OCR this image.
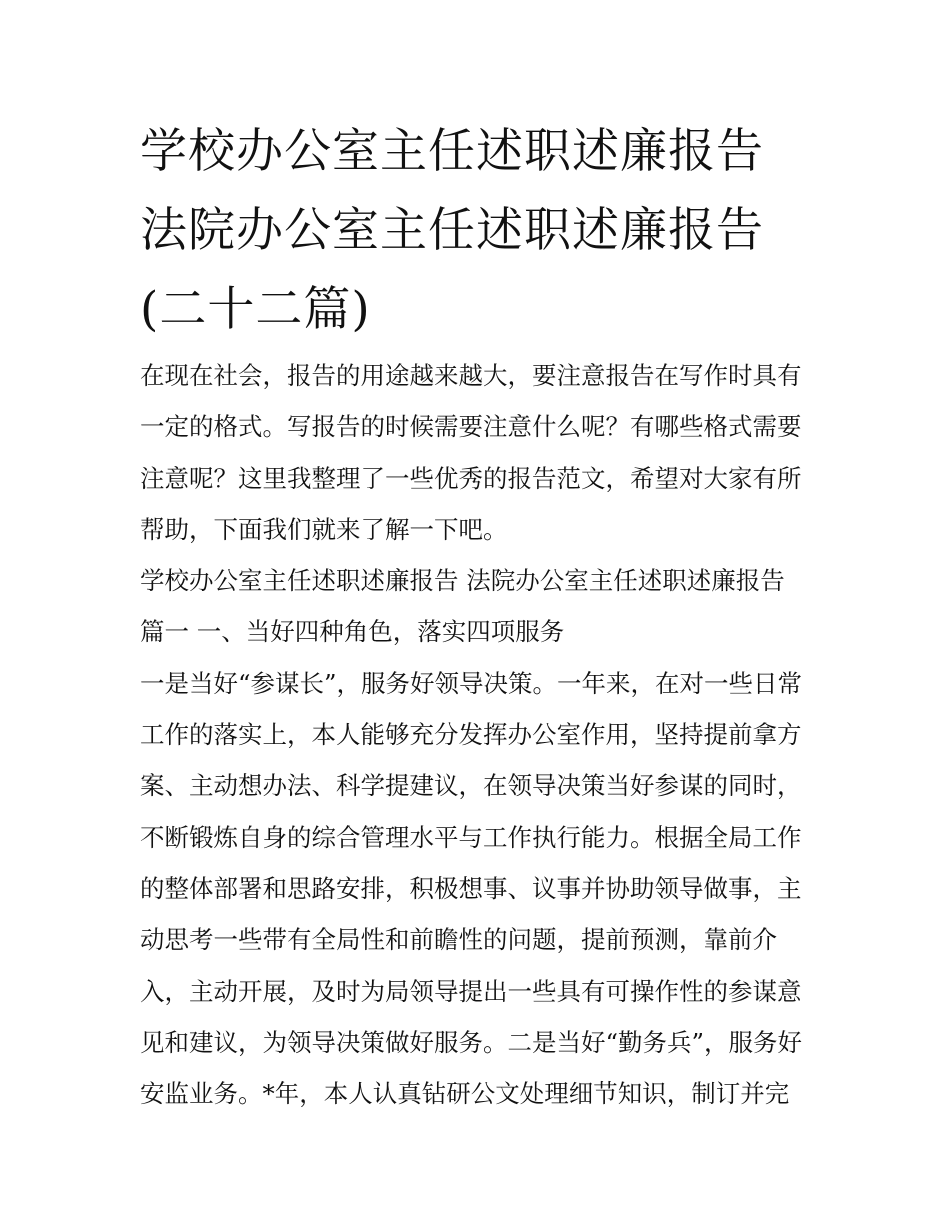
学校办公室主任述职述廉报告
法院办公室主任述职述廉报告
(二十二篇)
在现在社会，报告的用途越来越大，要注意报告在写作时具有
一定的格式。写报告的时候需要注意什么呢？有哪些格式需要
注意呢？这里我整理了一些优秀的报告范文，希望对大家有所
帮助，下面我们就来了解一下吧。
学校办公室主任述职述廉报告 法院办公室主任述职述廉报告
篇一 一、当好四种角色，落实四项服务
一是当好“参谋长”，服务好领导决策。一年来，在对一些日常
工作的落实上，本人能够充分发挥办公室作用，坚持提前拿方
案、主动想办法、科学提建议，在领导决策当好参谋的同时，
不断锻炼自身的综合管理水平与工作执行能力。根据全局工作
的整体部署和思路安排，积极想事、议事并协助领导做事，主
动思考一些带有全局性和前瞻性的问题，提前预测，靠前介
入，主动开展，及时为局领导提出一些具有可操作性的参谋意
见和建议，为领导决策做好服务。二是当好“勤务兵”，服务好
安监业务。*年，本人认真钻研公文处理细节知识，制订并完
